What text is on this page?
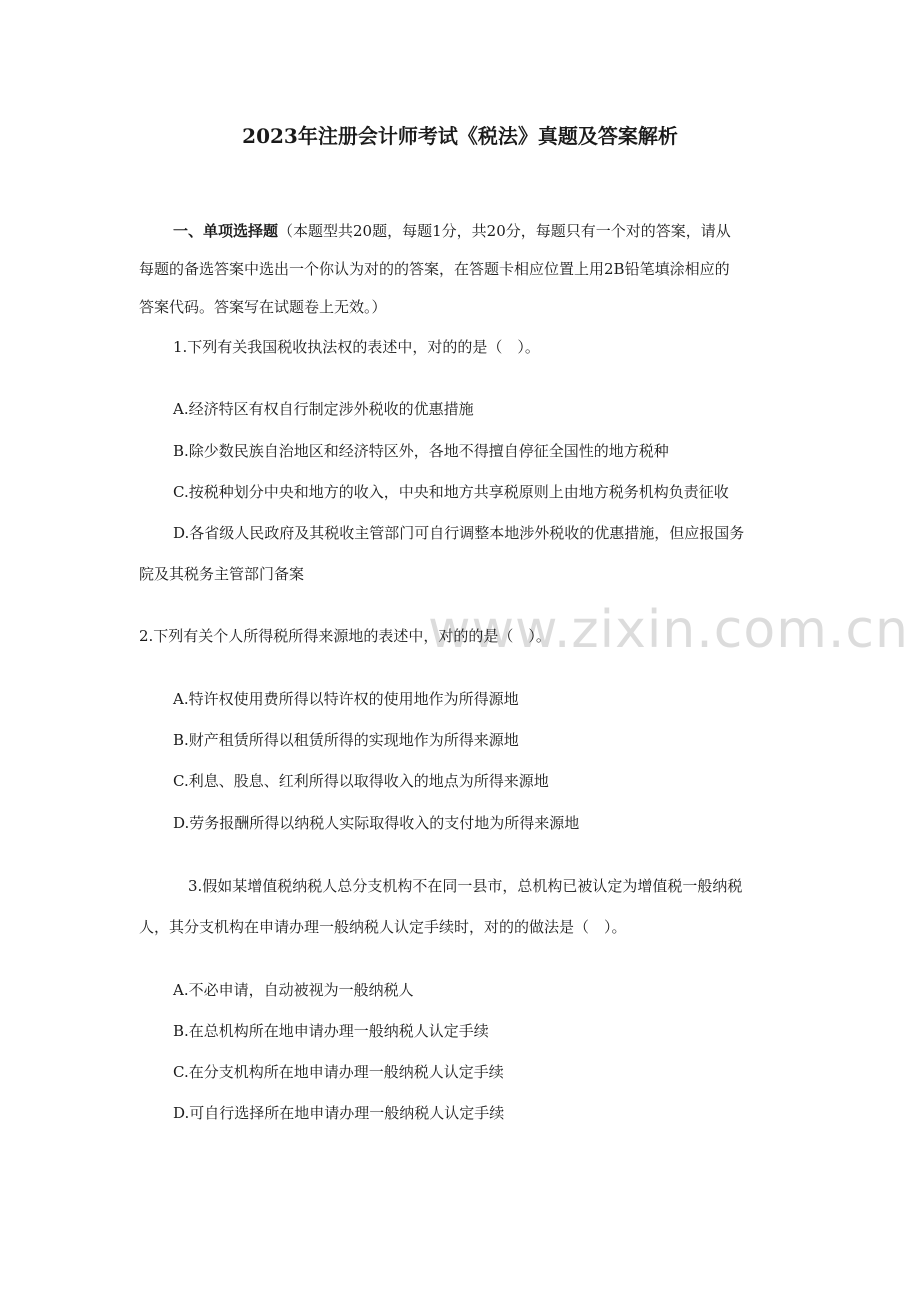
www.zixin.com.cn
2023年注册会计师考试《税法》真题及答案解析
一、单项选择题（本题型共20题，每题1分，共20分，每题只有一个对的答案，请从
每题的备选答案中选出一个你认为对的的答案，在答题卡相应位置上用2B铅笔填涂相应的
答案代码。答案写在试题卷上无效。）
1.下列有关我国税收执法权的表述中，对的的是（　）。
A.经济特区有权自行制定涉外税收的优惠措施
B.除少数民族自治地区和经济特区外，各地不得擅自停征全国性的地方税种
C.按税种划分中央和地方的收入，中央和地方共享税原则上由地方税务机构负责征收
D.各省级人民政府及其税收主管部门可自行调整本地涉外税收的优惠措施，但应报国务
院及其税务主管部门备案
2.下列有关个人所得税所得来源地的表述中，对的的是（　）。
A.特许权使用费所得以特许权的使用地作为所得源地
B.财产租赁所得以租赁所得的实现地作为所得来源地
C.利息、股息、红利所得以取得收入的地点为所得来源地
D.劳务报酬所得以纳税人实际取得收入的支付地为所得来源地
3.假如某增值税纳税人总分支机构不在同一县市，总机构已被认定为增值税一般纳税
人，其分支机构在申请办理一般纳税人认定手续时，对的的做法是（　）。
A.不必申请，自动被视为一般纳税人
B.在总机构所在地申请办理一般纳税人认定手续
C.在分支机构所在地申请办理一般纳税人认定手续
D.可自行选择所在地申请办理一般纳税人认定手续
